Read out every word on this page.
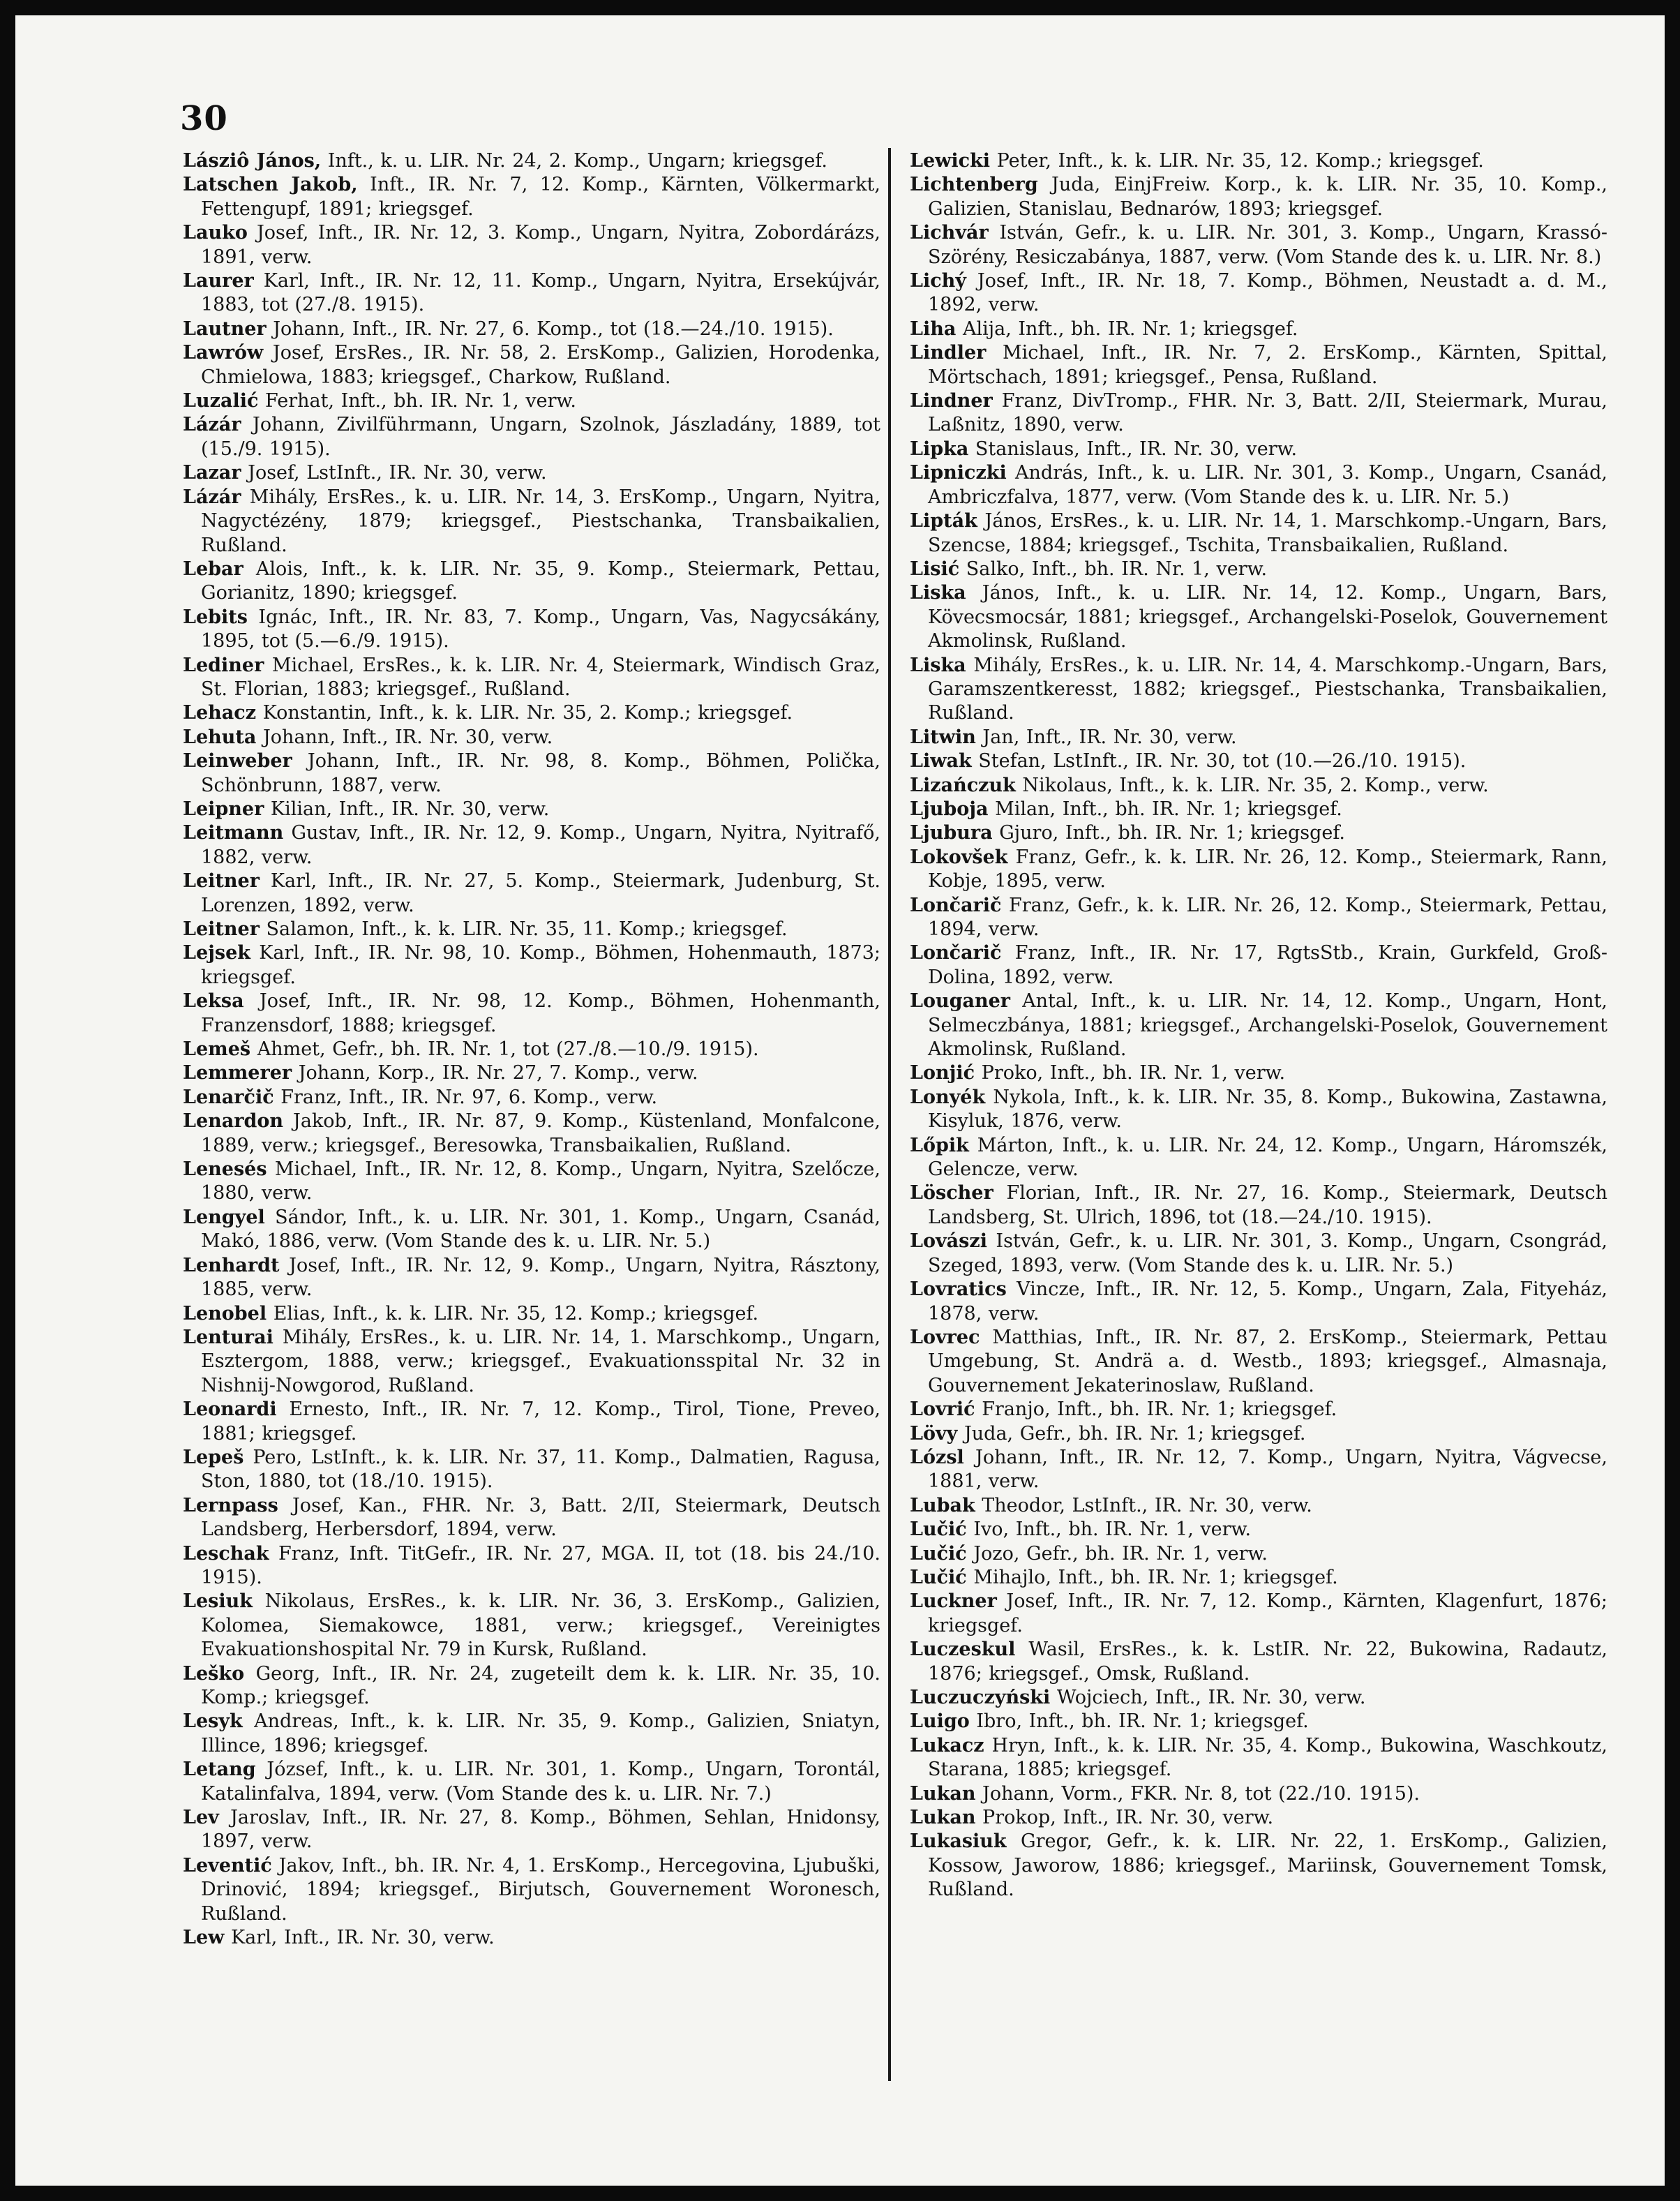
30

Lásziô János, Inft., k. u. LIR. Nr. 24, 2. Komp., Ungarn; kriegsgef.

Latschen Jakob, Inft., IR. Nr. 7, 12. Komp., Kärnten, Völkermarkt, Fettengupf, 1891; kriegsgef.

Lauko Josef, Inft., IR. Nr. 12, 3. Komp., Ungarn, Nyitra, Zobordárázs, 1891, verw.

Laurer Karl, Inft., IR. Nr. 12, 11. Komp., Ungarn, Nyitra, Ersekújvár, 1883, tot (27./8. 1915).

Lautner Johann, Inft., IR. Nr. 27, 6. Komp., tot (18.—24./10. 1915).

Lawrów Josef, ErsRes., IR. Nr. 58, 2. ErsKomp., Galizien, Horodenka, Chmielowa, 1883; kriegsgef., Charkow, Rußland.

Luzalić Ferhat, Inft., bh. IR. Nr. 1, verw.

Lázár Johann, Zivilführmann, Ungarn, Szolnok, Jászladány, 1889, tot (15./9. 1915).

Lazar Josef, LstInft., IR. Nr. 30, verw.

Lázár Mihály, ErsRes., k. u. LIR. Nr. 14, 3. ErsKomp., Ungarn, Nyitra, Nagyctézény, 1879; kriegsgef., Piestschanka, Transbaikalien, Rußland.

Lebar Alois, Inft., k. k. LIR. Nr. 35, 9. Komp., Steiermark, Pettau, Gorianitz, 1890; kriegsgef.

Lebits Ignác, Inft., IR. Nr. 83, 7. Komp., Ungarn, Vas, Nagycsákány, 1895, tot (5.—6./9. 1915).

Lediner Michael, ErsRes., k. k. LIR. Nr. 4, Steiermark, Windisch Graz, St. Florian, 1883; kriegsgef., Rußland.

Lehacz Konstantin, Inft., k. k. LIR. Nr. 35, 2. Komp.; kriegsgef.

Lehuta Johann, Inft., IR. Nr. 30, verw.

Leinweber Johann, Inft., IR. Nr. 98, 8. Komp., Böhmen, Polička, Schönbrunn, 1887, verw.

Leipner Kilian, Inft., IR. Nr. 30, verw.

Leitmann Gustav, Inft., IR. Nr. 12, 9. Komp., Ungarn, Nyitra, Nyitrafő, 1882, verw.

Leitner Karl, Inft., IR. Nr. 27, 5. Komp., Steiermark, Judenburg, St. Lorenzen, 1892, verw.

Leitner Salamon, Inft., k. k. LIR. Nr. 35, 11. Komp.; kriegsgef.

Lejsek Karl, Inft., IR. Nr. 98, 10. Komp., Böhmen, Hohenmauth, 1873; kriegsgef.

Leksa Josef, Inft., IR. Nr. 98, 12. Komp., Böhmen, Hohenmanth, Franzensdorf, 1888; kriegsgef.

Lemeš Ahmet, Gefr., bh. IR. Nr. 1, tot (27./8.—10./9. 1915).

Lemmerer Johann, Korp., IR. Nr. 27, 7. Komp., verw.

Lenarčič Franz, Inft., IR. Nr. 97, 6. Komp., verw.

Lenardon Jakob, Inft., IR. Nr. 87, 9. Komp., Küstenland, Monfalcone, 1889, verw.; kriegsgef., Beresowka, Transbaikalien, Rußland.

Lenesés Michael, Inft., IR. Nr. 12, 8. Komp., Ungarn, Nyitra, Szelőcze, 1880, verw.

Lengyel Sándor, Inft., k. u. LIR. Nr. 301, 1. Komp., Ungarn, Csanád, Makó, 1886, verw. (Vom Stande des k. u. LIR. Nr. 5.)

Lenhardt Josef, Inft., IR. Nr. 12, 9. Komp., Ungarn, Nyitra, Rásztony, 1885, verw.

Lenobel Elias, Inft., k. k. LIR. Nr. 35, 12. Komp.; kriegsgef.

Lenturai Mihály, ErsRes., k. u. LIR. Nr. 14, 1. Marschkomp., Ungarn, Esztergom, 1888, verw.; kriegsgef., Evakuationsspital Nr. 32 in Nishnij-Nowgorod, Rußland.

Leonardi Ernesto, Inft., IR. Nr. 7, 12. Komp., Tirol, Tione, Preveo, 1881; kriegsgef.

Lepeš Pero, LstInft., k. k. LIR. Nr. 37, 11. Komp., Dalmatien, Ragusa, Ston, 1880, tot (18./10. 1915).

Lernpass Josef, Kan., FHR. Nr. 3, Batt. 2/II, Steiermark, Deutsch Landsberg, Herbersdorf, 1894, verw.

Leschak Franz, Inft. TitGefr., IR. Nr. 27, MGA. II, tot (18. bis 24./10. 1915).

Lesiuk Nikolaus, ErsRes., k. k. LIR. Nr. 36, 3. ErsKomp., Galizien, Kolomea, Siemakowce, 1881, verw.; kriegsgef., Vereinigtes Evakuationshospital Nr. 79 in Kursk, Rußland.

Leško Georg, Inft., IR. Nr. 24, zugeteilt dem k. k. LIR. Nr. 35, 10. Komp.; kriegsgef.

Lesyk Andreas, Inft., k. k. LIR. Nr. 35, 9. Komp., Galizien, Sniatyn, Illince, 1896; kriegsgef.

Letang József, Inft., k. u. LIR. Nr. 301, 1. Komp., Ungarn, Torontál, Katalinfalva, 1894, verw. (Vom Stande des k. u. LIR. Nr. 7.)

Lev Jaroslav, Inft., IR. Nr. 27, 8. Komp., Böhmen, Sehlan, Hnidonsy, 1897, verw.

Leventić Jakov, Inft., bh. IR. Nr. 4, 1. ErsKomp., Hercegovina, Ljubuški, Drinović, 1894; kriegsgef., Birjutsch, Gouvernement Woronesch, Rußland.

Lew Karl, Inft., IR. Nr. 30, verw.

Lewicki Peter, Inft., k. k. LIR. Nr. 35, 12. Komp.; kriegsgef.

Lichtenberg Juda, EinjFreiw. Korp., k. k. LIR. Nr. 35, 10. Komp., Galizien, Stanislau, Bednarów, 1893; kriegsgef.

Lichvár István, Gefr., k. u. LIR. Nr. 301, 3. Komp., Ungarn, Krassó-Szörény, Resiczabánya, 1887, verw. (Vom Stande des k. u. LIR. Nr. 8.)

Lichý Josef, Inft., IR. Nr. 18, 7. Komp., Böhmen, Neustadt a. d. M., 1892, verw.

Liha Alija, Inft., bh. IR. Nr. 1; kriegsgef.

Lindler Michael, Inft., IR. Nr. 7, 2. ErsKomp., Kärnten, Spittal, Mörtschach, 1891; kriegsgef., Pensa, Rußland.

Lindner Franz, DivTromp., FHR. Nr. 3, Batt. 2/II, Steiermark, Murau, Laßnitz, 1890, verw.

Lipka Stanislaus, Inft., IR. Nr. 30, verw.

Lipniczki András, Inft., k. u. LIR. Nr. 301, 3. Komp., Ungarn, Csanád, Ambriczfalva, 1877, verw. (Vom Stande des k. u. LIR. Nr. 5.)

Lipták János, ErsRes., k. u. LIR. Nr. 14, 1. Marschkomp.-Ungarn, Bars, Szencse, 1884; kriegsgef., Tschita, Transbaikalien, Rußland.

Lisić Salko, Inft., bh. IR. Nr. 1, verw.

Liska János, Inft., k. u. LIR. Nr. 14, 12. Komp., Ungarn, Bars, Kövecsmocsár, 1881; kriegsgef., Archangelski-Poselok, Gouvernement Akmolinsk, Rußland.

Liska Mihály, ErsRes., k. u. LIR. Nr. 14, 4. Marschkomp.-Ungarn, Bars, Garamszentkeresst, 1882; kriegsgef., Piestschanka, Transbaikalien, Rußland.

Litwin Jan, Inft., IR. Nr. 30, verw.

Liwak Stefan, LstInft., IR. Nr. 30, tot (10.—26./10. 1915).

Lizańczuk Nikolaus, Inft., k. k. LIR. Nr. 35, 2. Komp., verw.

Ljuboja Milan, Inft., bh. IR. Nr. 1; kriegsgef.

Ljubura Gjuro, Inft., bh. IR. Nr. 1; kriegsgef.

Lokovšek Franz, Gefr., k. k. LIR. Nr. 26, 12. Komp., Steiermark, Rann, Kobje, 1895, verw.

Lončarič Franz, Gefr., k. k. LIR. Nr. 26, 12. Komp., Steiermark, Pettau, 1894, verw.

Lončarič Franz, Inft., IR. Nr. 17, RgtsStb., Krain, Gurkfeld, Groß-Dolina, 1892, verw.

Louganer Antal, Inft., k. u. LIR. Nr. 14, 12. Komp., Ungarn, Hont, Selmeczbánya, 1881; kriegsgef., Archangelski-Poselok, Gouvernement Akmolinsk, Rußland.

Lonjić Proko, Inft., bh. IR. Nr. 1, verw.

Lonyék Nykola, Inft., k. k. LIR. Nr. 35, 8. Komp., Bukowina, Zastawna, Kisyluk, 1876, verw.

Lőpik Márton, Inft., k. u. LIR. Nr. 24, 12. Komp., Ungarn, Háromszék, Gelencze, verw.

Löscher Florian, Inft., IR. Nr. 27, 16. Komp., Steiermark, Deutsch Landsberg, St. Ulrich, 1896, tot (18.—24./10. 1915).

Lovászi István, Gefr., k. u. LIR. Nr. 301, 3. Komp., Ungarn, Csongrád, Szeged, 1893, verw. (Vom Stande des k. u. LIR. Nr. 5.)

Lovratics Vincze, Inft., IR. Nr. 12, 5. Komp., Ungarn, Zala, Fityeház, 1878, verw.

Lovrec Matthias, Inft., IR. Nr. 87, 2. ErsKomp., Steiermark, Pettau Umgebung, St. Andrä a. d. Westb., 1893; kriegsgef., Almasnaja, Gouvernement Jekaterinoslaw, Rußland.

Lovrić Franjo, Inft., bh. IR. Nr. 1; kriegsgef.

Lövy Juda, Gefr., bh. IR. Nr. 1; kriegsgef.

Lózsl Johann, Inft., IR. Nr. 12, 7. Komp., Ungarn, Nyitra, Vágvecse, 1881, verw.

Lubak Theodor, LstInft., IR. Nr. 30, verw.

Lučić Ivo, Inft., bh. IR. Nr. 1, verw.

Lučić Jozo, Gefr., bh. IR. Nr. 1, verw.

Lučić Mihajlo, Inft., bh. IR. Nr. 1; kriegsgef.

Luckner Josef, Inft., IR. Nr. 7, 12. Komp., Kärnten, Klagenfurt, 1876; kriegsgef.

Luczeskul Wasil, ErsRes., k. k. LstIR. Nr. 22, Bukowina, Radautz, 1876; kriegsgef., Omsk, Rußland.

Luczuczyński Wojciech, Inft., IR. Nr. 30, verw.

Luigo Ibro, Inft., bh. IR. Nr. 1; kriegsgef.

Lukacz Hryn, Inft., k. k. LIR. Nr. 35, 4. Komp., Bukowina, Waschkoutz, Starana, 1885; kriegsgef.

Lukan Johann, Vorm., FKR. Nr. 8, tot (22./10. 1915).

Lukan Prokop, Inft., IR. Nr. 30, verw.

Lukasiuk Gregor, Gefr., k. k. LIR. Nr. 22, 1. ErsKomp., Galizien, Kossow, Jaworow, 1886; kriegsgef., Mariinsk, Gouvernement Tomsk, Rußland.
